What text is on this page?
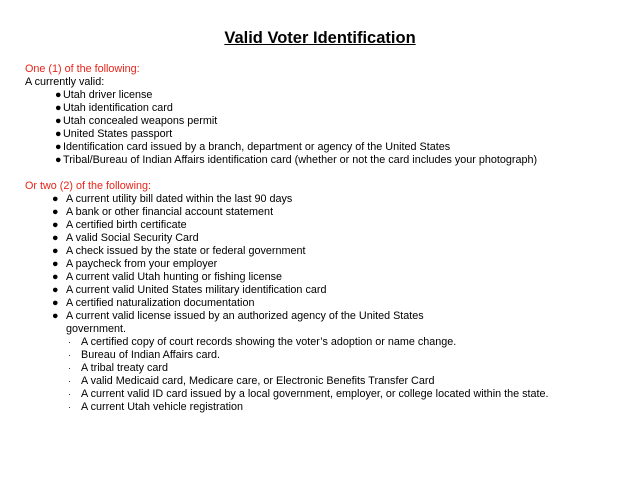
Valid Voter Identification
One (1) of the following:
A currently valid:
●Utah driver license
●Utah identification card
●Utah concealed weapons permit
●United States passport
●Identification card issued by a branch, department or agency of the United States
●Tribal/Bureau of Indian Affairs identification card (whether or not the card includes your photograph)
Or two (2) of the following:
● A current utility bill dated within the last 90 days
● A bank or other financial account statement
● A certified birth certificate
● A valid Social Security Card
● A check issued by the state or federal government
● A paycheck from your employer
● A current valid Utah hunting or fishing license
● A current valid United States military identification card
● A certified naturalization documentation
● A current valid license issued by an authorized agency of the United States
government.
· A certified copy of court records showing the voter’s adoption or name change.
· Bureau of Indian Affairs card.
· A tribal treaty card
· A valid Medicaid card, Medicare care, or Electronic Benefits Transfer Card
· A current valid ID card issued by a local government, employer, or college located within the state.
· A current Utah vehicle registration
